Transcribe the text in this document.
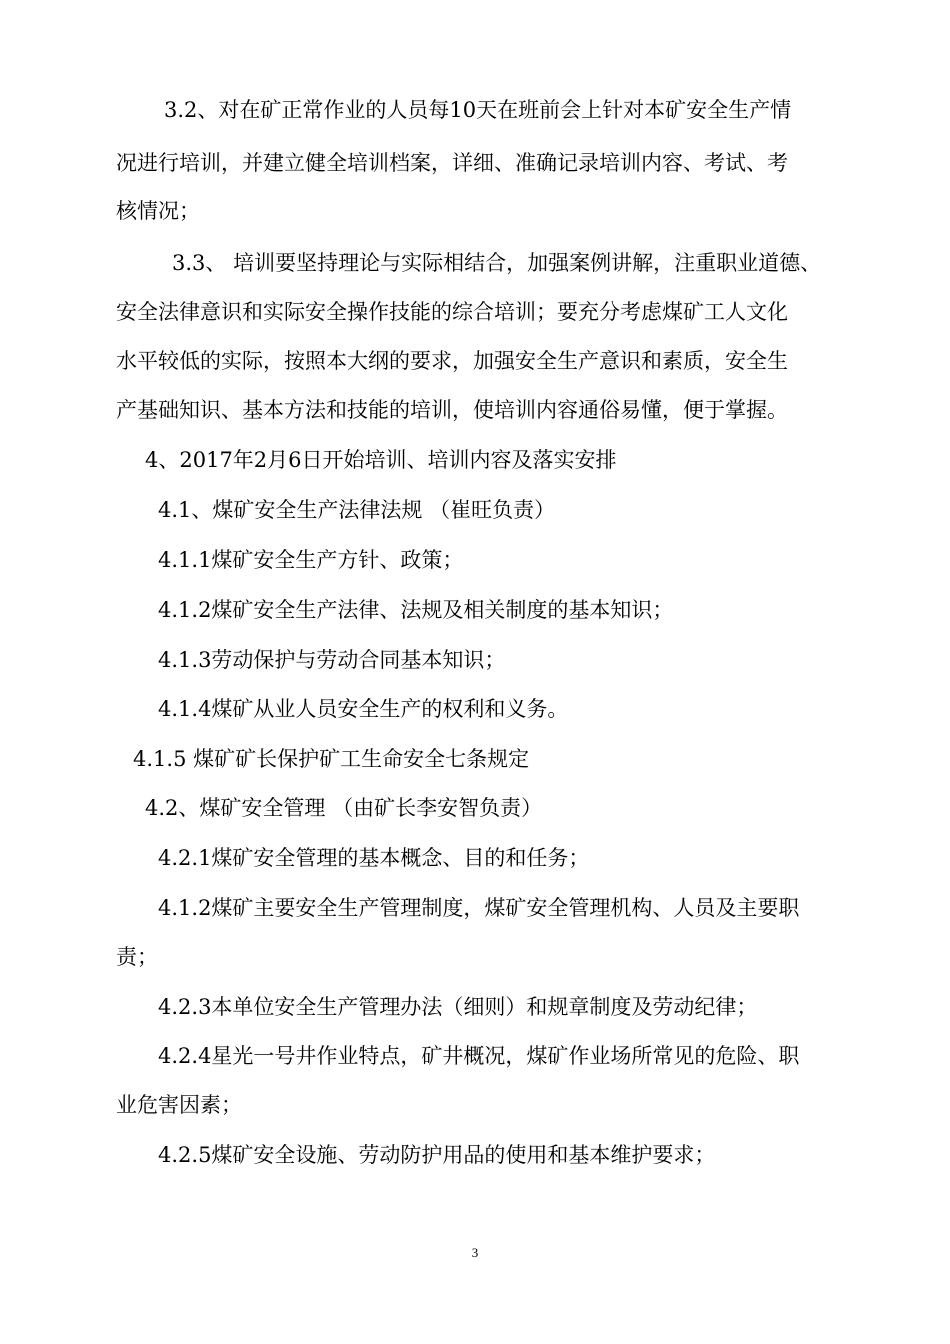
3.2、对在矿正常作业的人员每10天在班前会上针对本矿安全生产情
况进行培训，并建立健全培训档案，详细、准确记录培训内容、考试、考
核情况；
3.3、 培训要坚持理论与实际相结合，加强案例讲解，注重职业道德、
安全法律意识和实际安全操作技能的综合培训；要充分考虑煤矿工人文化
水平较低的实际，按照本大纲的要求，加强安全生产意识和素质，安全生
产基础知识、基本方法和技能的培训，使培训内容通俗易懂，便于掌握。
4、2017年2月6日开始培训、培训内容及落实安排
4.1、煤矿安全生产法律法规 （崔旺负责）
4.1.1煤矿安全生产方针、政策；
4.1.2煤矿安全生产法律、法规及相关制度的基本知识；
4.1.3劳动保护与劳动合同基本知识；
4.1.4煤矿从业人员安全生产的权利和义务。
4.1.5 煤矿矿长保护矿工生命安全七条规定
4.2、煤矿安全管理 （由矿长李安智负责）
4.2.1煤矿安全管理的基本概念、目的和任务；
4.1.2煤矿主要安全生产管理制度，煤矿安全管理机构、人员及主要职
责；
4.2.3本单位安全生产管理办法（细则）和规章制度及劳动纪律；
4.2.4星光一号井作业特点，矿井概况，煤矿作业场所常见的危险、职
业危害因素；
4.2.5煤矿安全设施、劳动防护用品的使用和基本维护要求；
3
